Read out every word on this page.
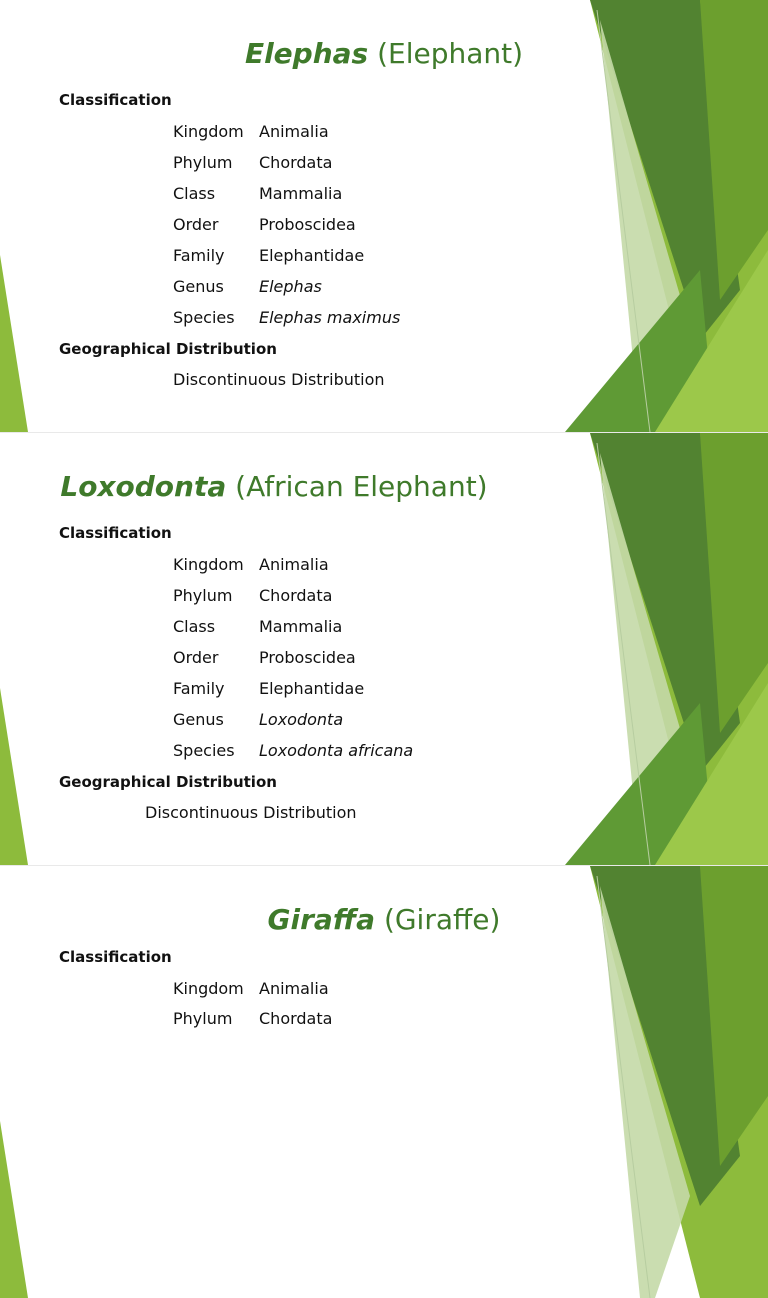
Elephas (Elephant)
Classification
Kingdom Animalia
Phylum Chordata
Class	Mammalia
Order	Proboscidea
Family Elephantidae
Genus Elephas
Species Elephas maximus
Geographical Distribution
Discontinuous Distribution
Loxodonta (African Elephant)
Classification
Kingdom Animalia
Phylum Chordata
Class	Mammalia
Order	Proboscidea
Family Elephantidae
Genus Loxodonta
Species Loxodonta africana
Geographical Distribution
Discontinuous Distribution
Giraffa (Giraffe)
Classification
Kingdom Animalia
Phylum Chordata
